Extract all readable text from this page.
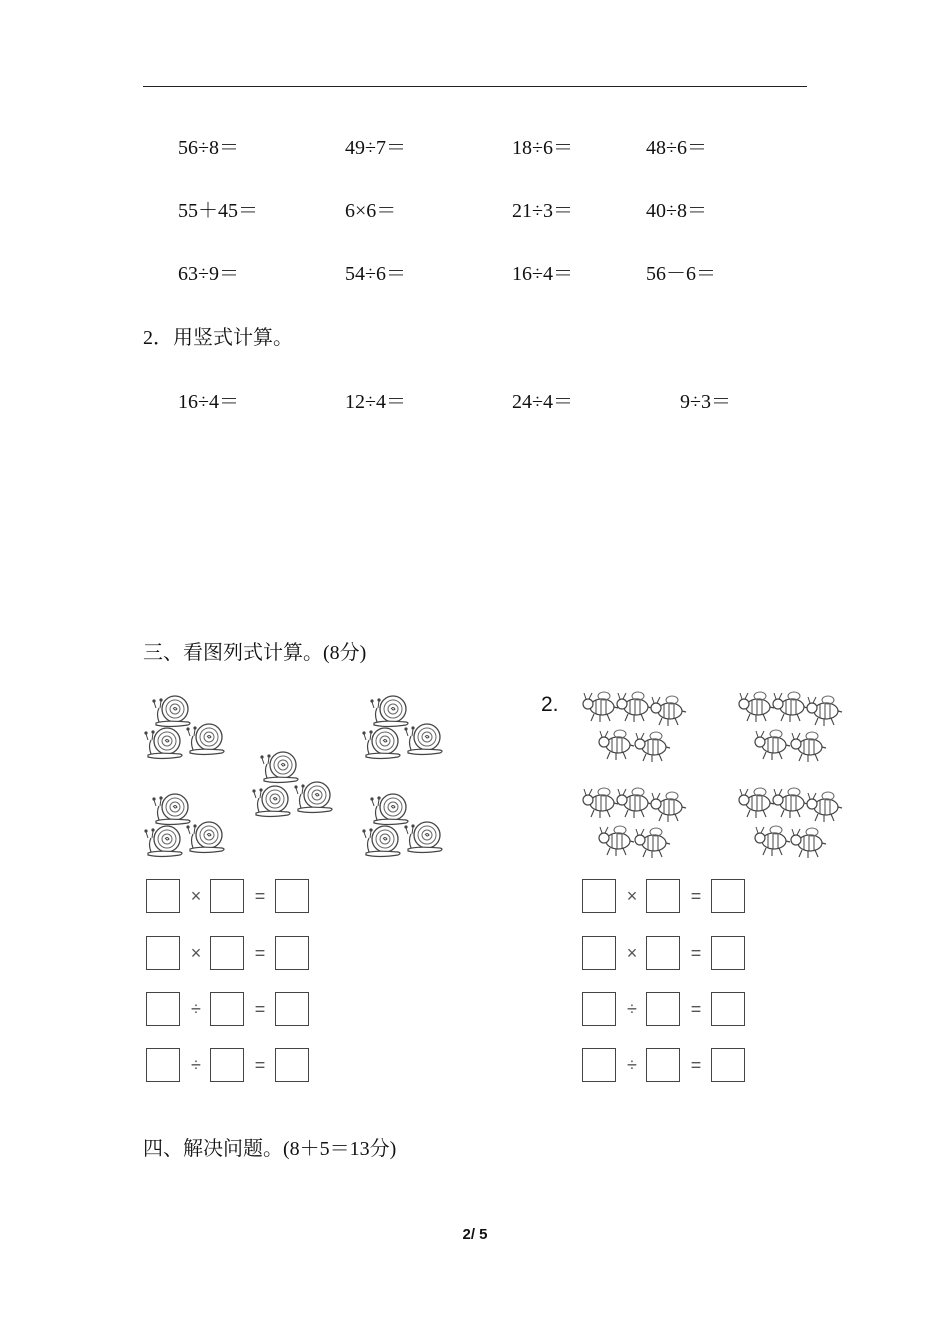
56÷8＝	49÷7＝	18÷6＝	48÷6＝
55＋45＝	6×6＝	21÷3＝	40÷8＝
63÷9＝	54÷6＝	16÷4＝	56－6＝
2．用竖式计算。
16÷4＝	12÷4＝	24÷4＝	9÷3＝
三、看图列式计算。(8分)
2.
×	=
×	=
÷	=
÷	=
×	=
×	=
÷	=
÷	=
四、解决问题。(8＋5＝13分)
2/ 5
